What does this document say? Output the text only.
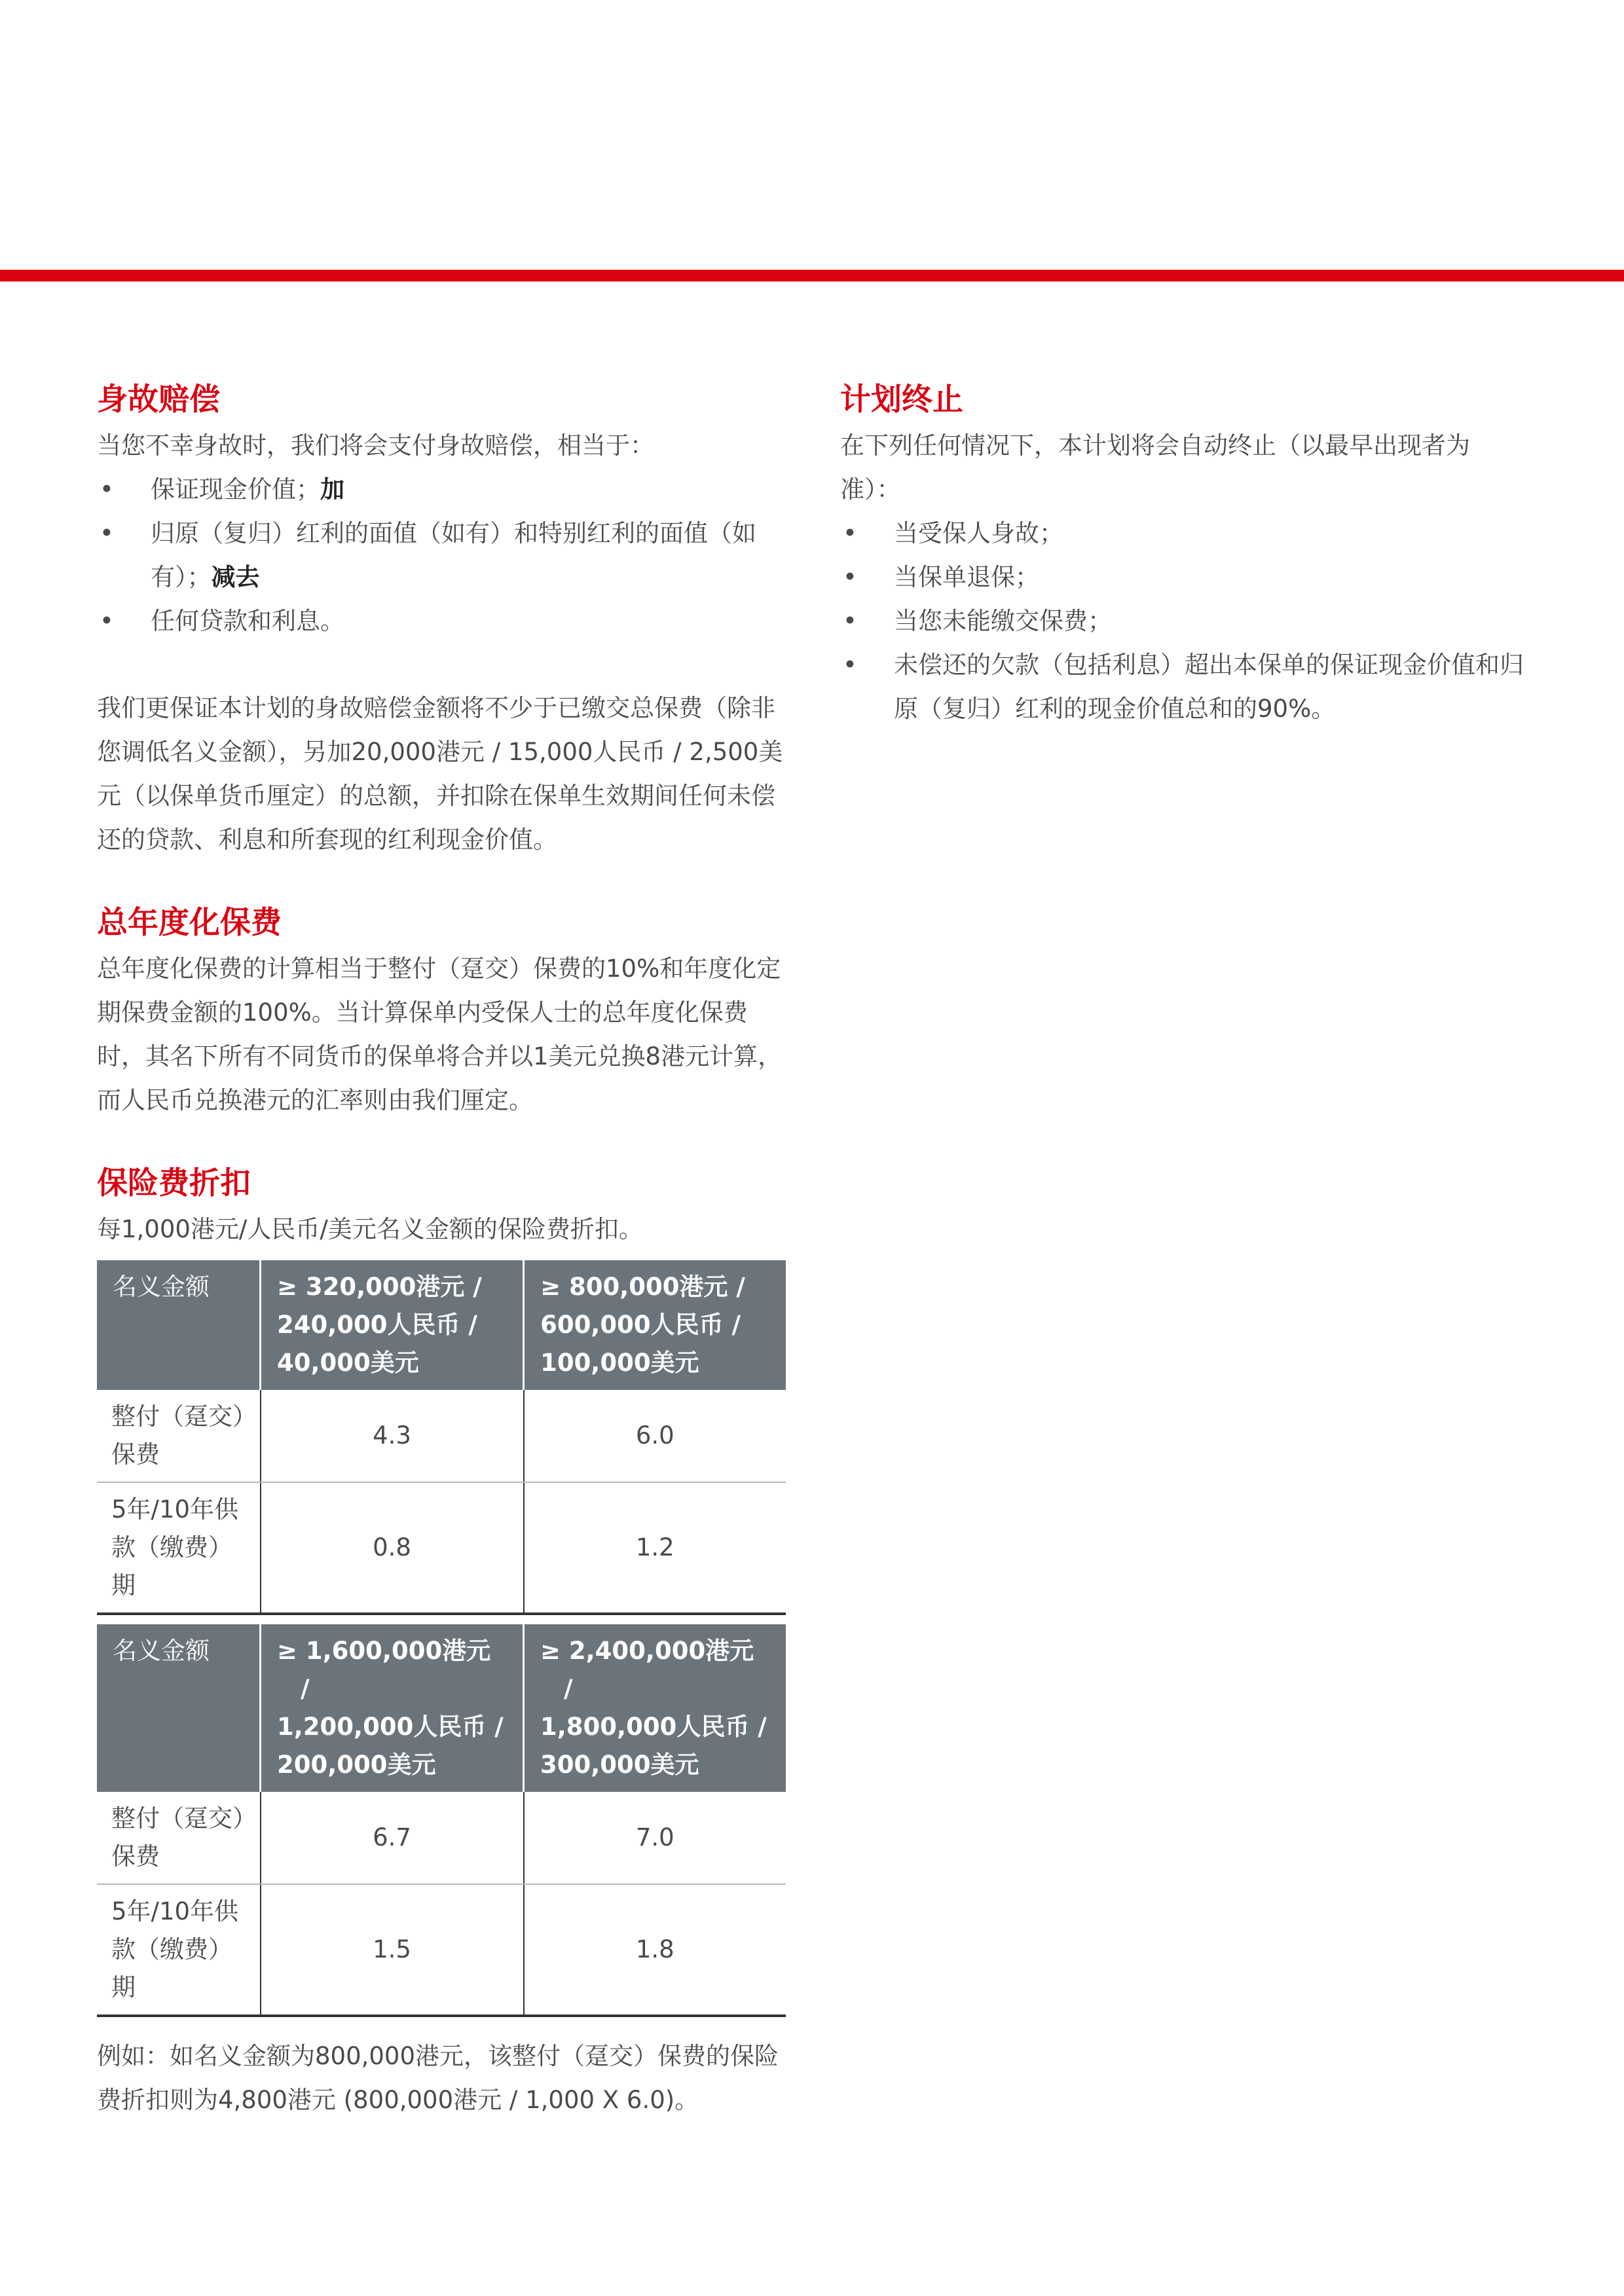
身故赔偿

当您不幸身故时，我们将会支付身故赔偿，相当于：

• 保证现金价值；加
• 归原（复归）红利的面值（如有）和特别红利的面值（如有）；减去
• 任何贷款和利息。

我们更保证本计划的身故赔偿金额将不少于已缴交总保费（除非您调低名义金额），另加20,000港元 / 15,000人民币 / 2,500美元（以保单货币厘定）的总额，并扣除在保单生效期间任何未偿还的贷款、利息和所套现的红利现金价值。

总年度化保费

总年度化保费的计算相当于整付（趸交）保费的10%和年度化定期保费金额的100%。当计算保单内受保人士的总年度化保费时，其名下所有不同货币的保单将合并以1美元兑换8港元计算，而人民币兑换港元的汇率则由我们厘定。

保险费折扣

每1,000港元/人民币/美元名义金额的保险费折扣。

名义金额	≥ 320,000港元 /
240,000人民币 /
40,000美元	≥ 800,000港元 /
600,000人民币 /
100,000美元

整付（趸交）保费	4.3	6.0
5年/10年供款（缴费）期	0.8	1.2
名义金额	≥ 1,600,000港元 /
1,200,000人民币 /
200,000美元	≥ 2,400,000港元 /
1,800,000人民币 /
300,000美元

整付（趸交）保费	6.7	7.0
5年/10年供款（缴费）期	1.5	1.8

例如：如名义金额为800,000港元，该整付（趸交）保费的保险费折扣则为4,800港元 (800,000港元 / 1,000 X 6.0)。

计划终止

在下列任何情况下，本计划将会自动终止（以最早出现者为准）：

• 当受保人身故；
• 当保单退保；
• 当您未能缴交保费；
• 未偿还的欠款（包括利息）超出本保单的保证现金价值和归原（复归）红利的现金价值总和的90%。
